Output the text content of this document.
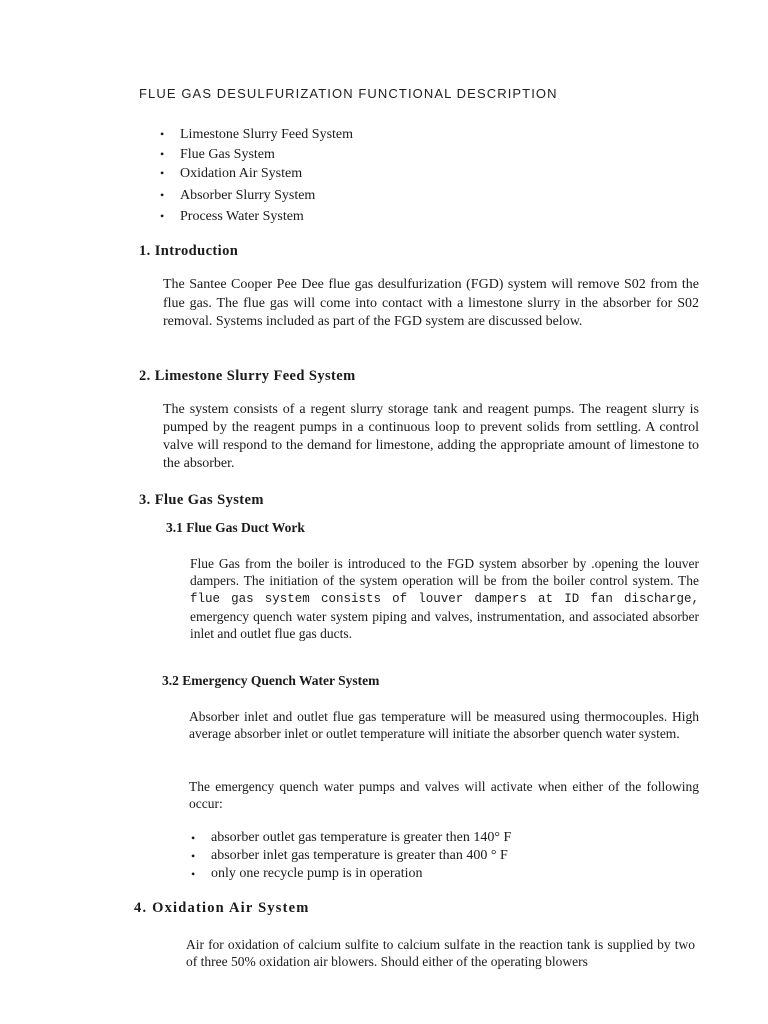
FLUE GAS DESULFURIZATION FUNCTIONAL DESCRIPTION
• Limestone Slurry Feed System
• Flue Gas System
• Oxidation Air System
• Absorber Slurry System
• Process Water System
1. Introduction
The Santee Cooper Pee Dee flue gas desulfurization (FGD) system will remove S02 from the flue gas. The flue gas will come into contact with a limestone slurry in the absorber for S02 removal. Systems included as part of the FGD system are discussed below.
2. Limestone Slurry Feed System
The system consists of a regent slurry storage tank and reagent pumps. The reagent slurry is pumped by the reagent pumps in a continuous loop to prevent solids from settling. A control valve will respond to the demand for limestone, adding the appropriate amount of limestone to the absorber.
3. Flue Gas System
3.1 Flue Gas Duct Work
Flue Gas from the boiler is introduced to the FGD system absorber by .opening the louver dampers. The initiation of the system operation will be from the boiler control system. The flue gas system consists of louver dampers at ID fan discharge, emergency quench water system piping and valves, instrumentation, and associated absorber inlet and outlet flue gas ducts.
3.2 Emergency Quench Water System
Absorber inlet and outlet flue gas temperature will be measured using thermocouples. High average absorber inlet or outlet temperature will initiate the absorber quench water system.
The emergency quench water pumps and valves will activate when either of the following occur:
• absorber outlet gas temperature is greater then 140° F
• absorber inlet gas temperature is greater than 400 ° F
• only one recycle pump is in operation
4. Oxidation Air System
Air for oxidation of calcium sulfite to calcium sulfate in the reaction tank is supplied by two of three 50% oxidation air blowers. Should either of the operating blowers
